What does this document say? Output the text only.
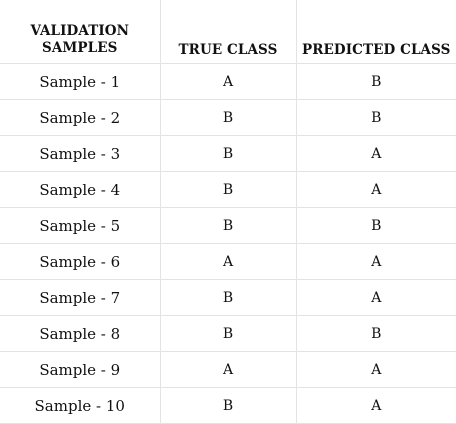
VALIDATION SAMPLES	TRUE CLASS	PREDICTED CLASS
Sample - 1	A	B
Sample - 2	B	B
Sample - 3	B	A
Sample - 4	B	A
Sample - 5	B	B
Sample - 6	A	A
Sample - 7	B	A
Sample - 8	B	B
Sample - 9	A	A
Sample - 10	B	A
